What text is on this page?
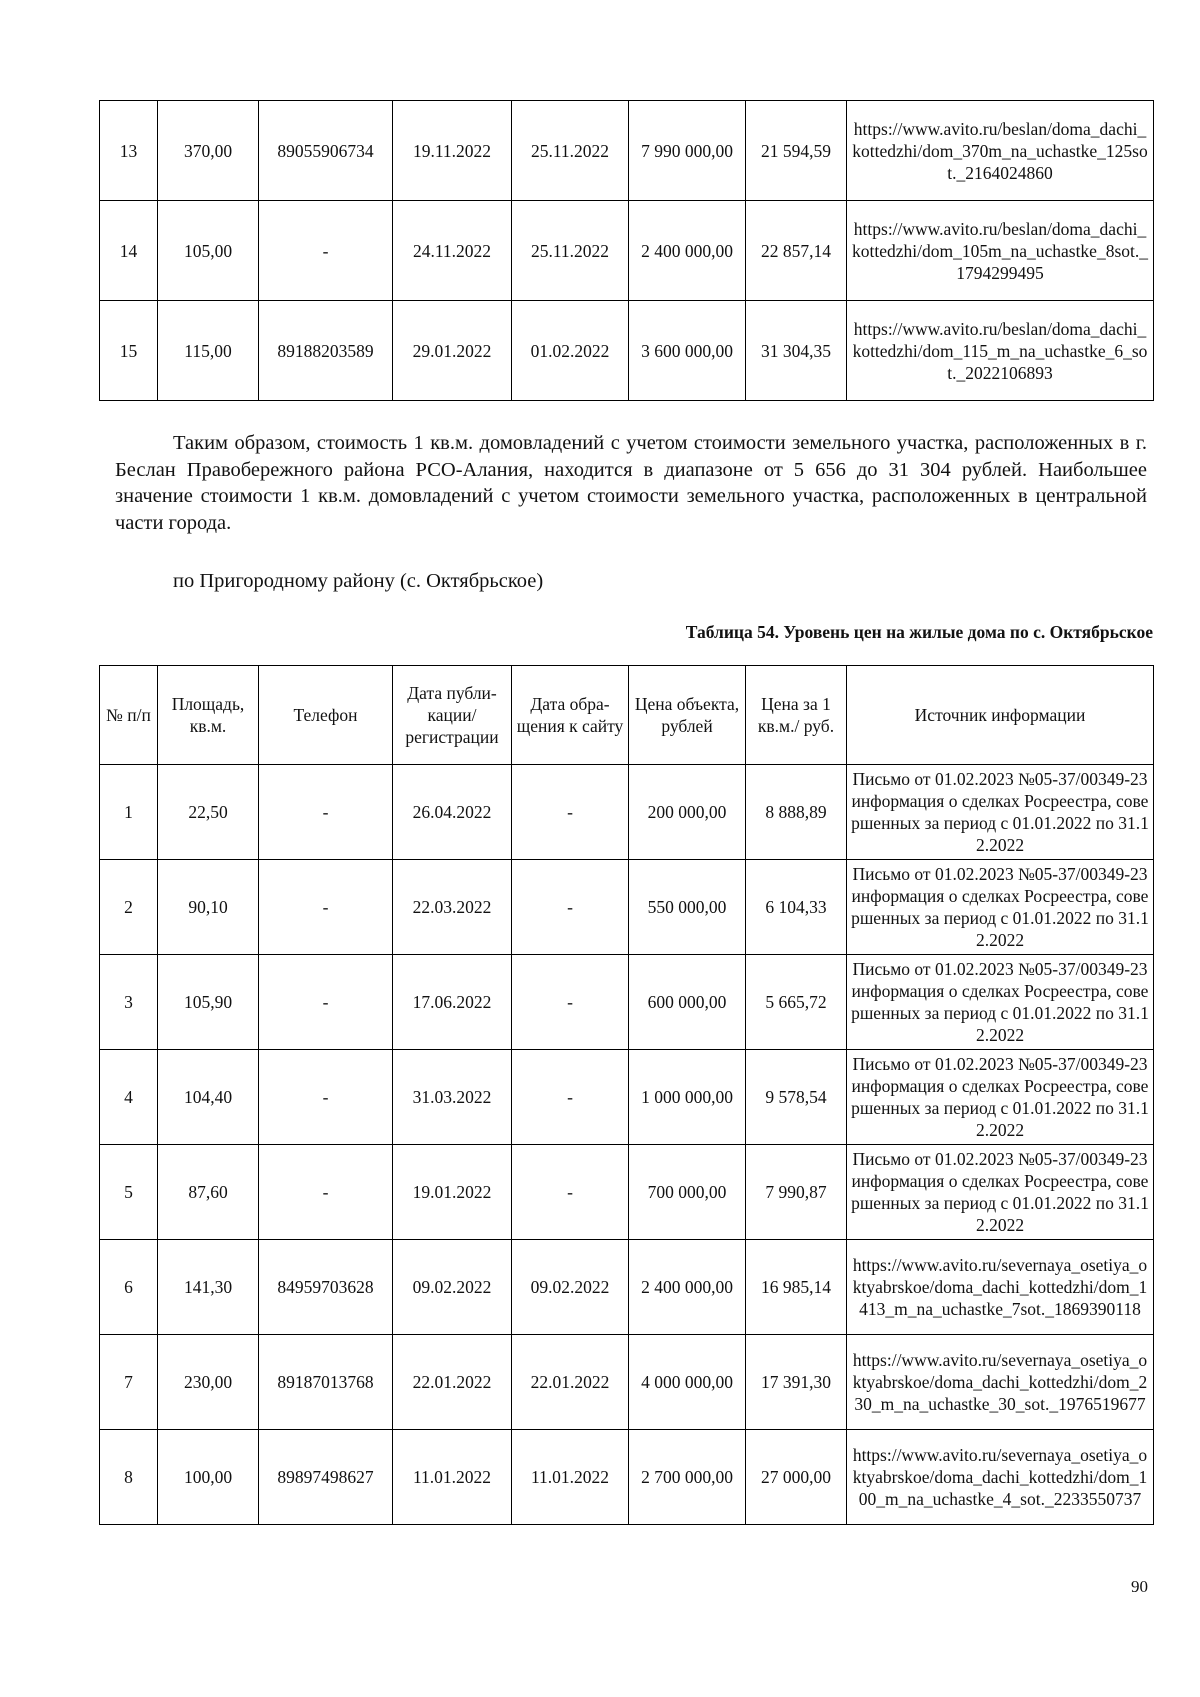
13	370,00	89055906734	19.11.2022	25.11.2022	7 990 000,00	21 594,59	https://www.avito.ru/beslan/doma_dachi_kottedzhi/dom_370m_na_uchastke_125sot._2164024860
14	105,00	-	24.11.2022	25.11.2022	2 400 000,00	22 857,14	https://www.avito.ru/beslan/doma_dachi_kottedzhi/dom_105m_na_uchastke_8sot._1794299495
15	115,00	89188203589	29.01.2022	01.02.2022	3 600 000,00	31 304,35	https://www.avito.ru/beslan/doma_dachi_kottedzhi/dom_115_m_na_uchastke_6_sot._2022106893

Таким образом, стоимость 1 кв.м. домовладений с учетом стоимости земельного участка, расположенных в г. Беслан Правобережного района РСО-Алания, находится в диапазоне от 5 656 до 31 304 рублей. Наибольшее значение стоимости 1 кв.м. домовладений с учетом стоимости земельного участка, расположенных в центральной части города.

по Пригородному району (с. Октябрьское)

Таблица 54. Уровень цен на жилые дома по с. Октябрьское

№ п/п	Площадь, кв.м.	Телефон	Дата публи-кации/ регистрации	Дата обра-щения к сайту	Цена объекта, рублей	Цена за 1 кв.м./ руб.	Источник информации
1	22,50	-	26.04.2022	-	200 000,00	8 888,89	Письмо от 01.02.2023 №05-37/00349-23 информация о сделках Росреестра, совершенных за период с 01.01.2022 по 31.12.2022
2	90,10	-	22.03.2022	-	550 000,00	6 104,33	Письмо от 01.02.2023 №05-37/00349-23 информация о сделках Росреестра, совершенных за период с 01.01.2022 по 31.12.2022
3	105,90	-	17.06.2022	-	600 000,00	5 665,72	Письмо от 01.02.2023 №05-37/00349-23 информация о сделках Росреестра, совершенных за период с 01.01.2022 по 31.12.2022
4	104,40	-	31.03.2022	-	1 000 000,00	9 578,54	Письмо от 01.02.2023 №05-37/00349-23 информация о сделках Росреестра, совершенных за период с 01.01.2022 по 31.12.2022
5	87,60	-	19.01.2022	-	700 000,00	7 990,87	Письмо от 01.02.2023 №05-37/00349-23 информация о сделках Росреестра, совершенных за период с 01.01.2022 по 31.12.2022
6	141,30	84959703628	09.02.2022	09.02.2022	2 400 000,00	16 985,14	https://www.avito.ru/severnaya_osetiya_oktyabrskoe/doma_dachi_kottedzhi/dom_1413_m_na_uchastke_7sot._1869390118
7	230,00	89187013768	22.01.2022	22.01.2022	4 000 000,00	17 391,30	https://www.avito.ru/severnaya_osetiya_oktyabrskoe/doma_dachi_kottedzhi/dom_230_m_na_uchastke_30_sot._1976519677
8	100,00	89897498627	11.01.2022	11.01.2022	2 700 000,00	27 000,00	https://www.avito.ru/severnaya_osetiya_oktyabrskoe/doma_dachi_kottedzhi/dom_100_m_na_uchastke_4_sot._2233550737

90
